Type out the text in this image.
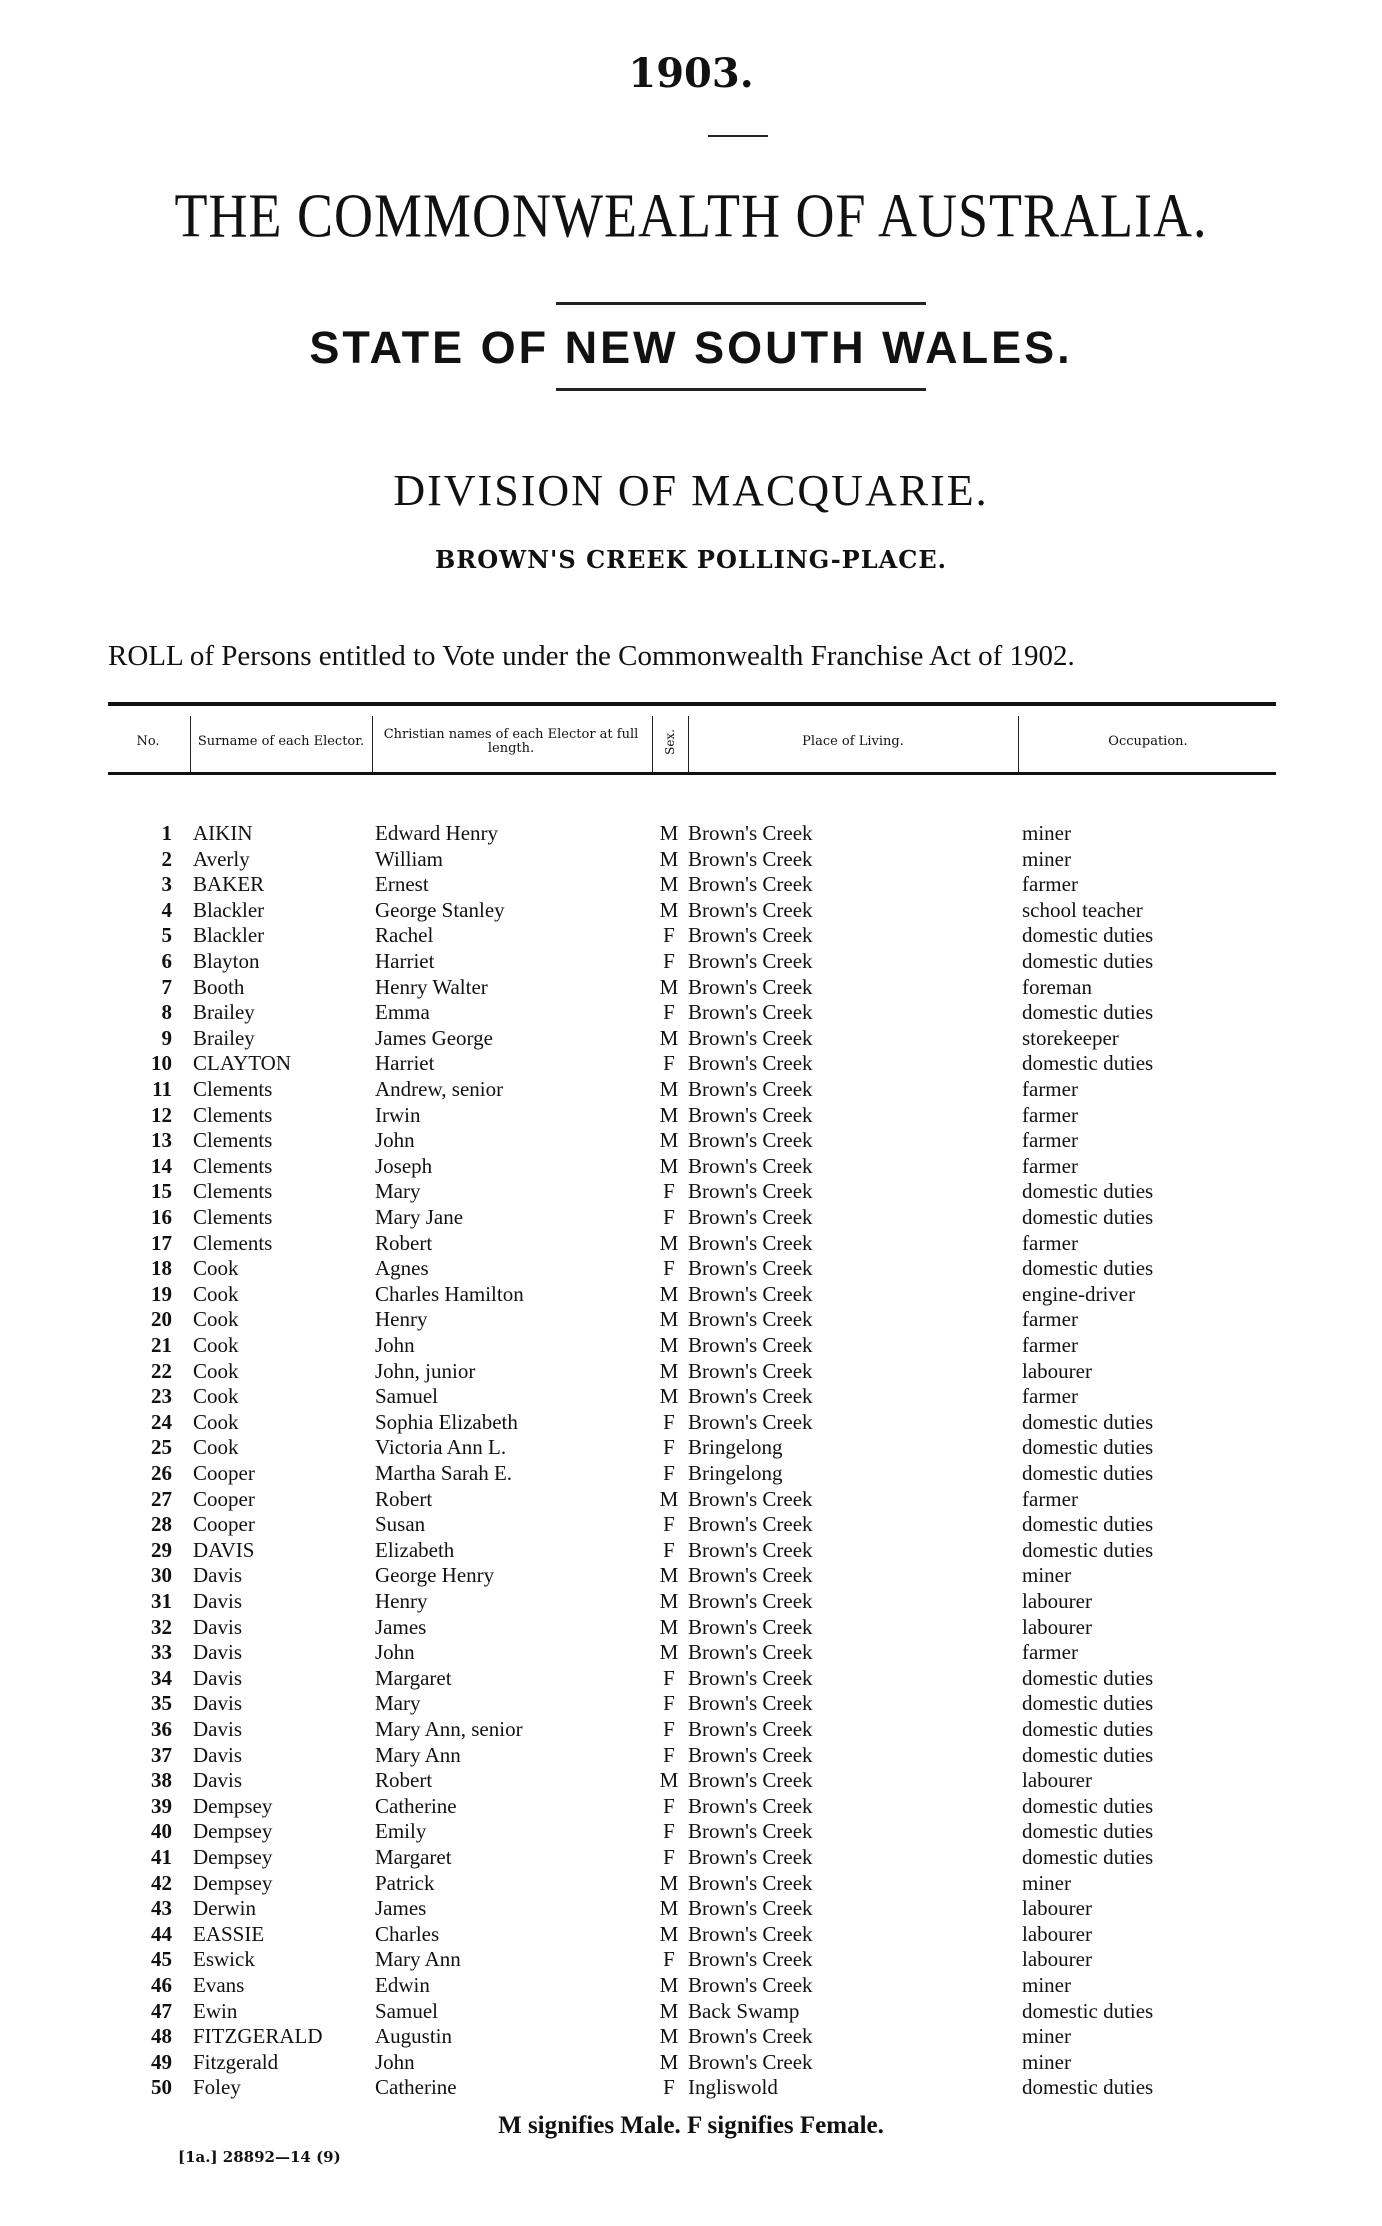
1903.
THE COMMONWEALTH OF AUSTRALIA.
STATE OF NEW SOUTH WALES.
DIVISION OF MACQUARIE.
BROWN'S CREEK POLLING-PLACE.
ROLL of Persons entitled to Vote under the Commonwealth Franchise Act of 1902.
No.	Surname of each Elector.	Christian names of each Elector at full length.	Sex.	Place of Living.	Occupation.
1 AIKIN	Edward Henry	M Brown's Creek	miner
2 Averly	William	M Brown's Creek	miner
3 BAKER	Ernest	M Brown's Creek	farmer
4 Blackler	George Stanley	M Brown's Creek	school teacher
5 Blackler	Rachel	F Brown's Creek	domestic duties
6 Blayton	Harriet	F Brown's Creek	domestic duties
7 Booth	Henry Walter	M Brown's Creek	foreman
8 Brailey	Emma	F Brown's Creek	domestic duties
9 Brailey	James George	M Brown's Creek	storekeeper
10 CLAYTON	Harriet	F Brown's Creek	domestic duties
11 Clements	Andrew, senior	M Brown's Creek	farmer
12 Clements	Irwin	M Brown's Creek	farmer
13 Clements	John	M Brown's Creek	farmer
14 Clements	Joseph	M Brown's Creek	farmer
15 Clements	Mary	F Brown's Creek	domestic duties
16 Clements	Mary Jane	F Brown's Creek	domestic duties
17 Clements	Robert	M Brown's Creek	farmer
18 Cook	Agnes	F Brown's Creek	domestic duties
19 Cook	Charles Hamilton	M Brown's Creek	engine-driver
20 Cook	Henry	M Brown's Creek	farmer
21 Cook	John	M Brown's Creek	farmer
22 Cook	John, junior	M Brown's Creek	labourer
23 Cook	Samuel	M Brown's Creek	farmer
24 Cook	Sophia Elizabeth	F Brown's Creek	domestic duties
25 Cook	Victoria Ann L.	F Bringelong	domestic duties
26 Cooper	Martha Sarah E.	F Bringelong	domestic duties
27 Cooper	Robert	M Brown's Creek	farmer
28 Cooper	Susan	F Brown's Creek	domestic duties
29 DAVIS	Elizabeth	F Brown's Creek	domestic duties
30 Davis	George Henry	M Brown's Creek	miner
31 Davis	Henry	M Brown's Creek	labourer
32 Davis	James	M Brown's Creek	labourer
33 Davis	John	M Brown's Creek	farmer
34 Davis	Margaret	F Brown's Creek	domestic duties
35 Davis	Mary	F Brown's Creek	domestic duties
36 Davis	Mary Ann, senior	F Brown's Creek	domestic duties
37 Davis	Mary Ann	F Brown's Creek	domestic duties
38 Davis	Robert	M Brown's Creek	labourer
39 Dempsey	Catherine	F Brown's Creek	domestic duties
40 Dempsey	Emily	F Brown's Creek	domestic duties
41 Dempsey	Margaret	F Brown's Creek	domestic duties
42 Dempsey	Patrick	M Brown's Creek	miner
43 Derwin	James	M Brown's Creek	labourer
44 EASSIE	Charles	M Brown's Creek	labourer
45 Eswick	Mary Ann	F Brown's Creek	labourer
46 Evans	Edwin	M Brown's Creek	miner
47 Ewin	Samuel	M Back Swamp	domestic duties
48 FITZGERALD	Augustin	M Brown's Creek	miner
49 Fitzgerald	John	M Brown's Creek	miner
50 Foley	Catherine	F Ingliswold	domestic duties
M signifies Male. F signifies Female.
[1a.] 28892—14 (9)
